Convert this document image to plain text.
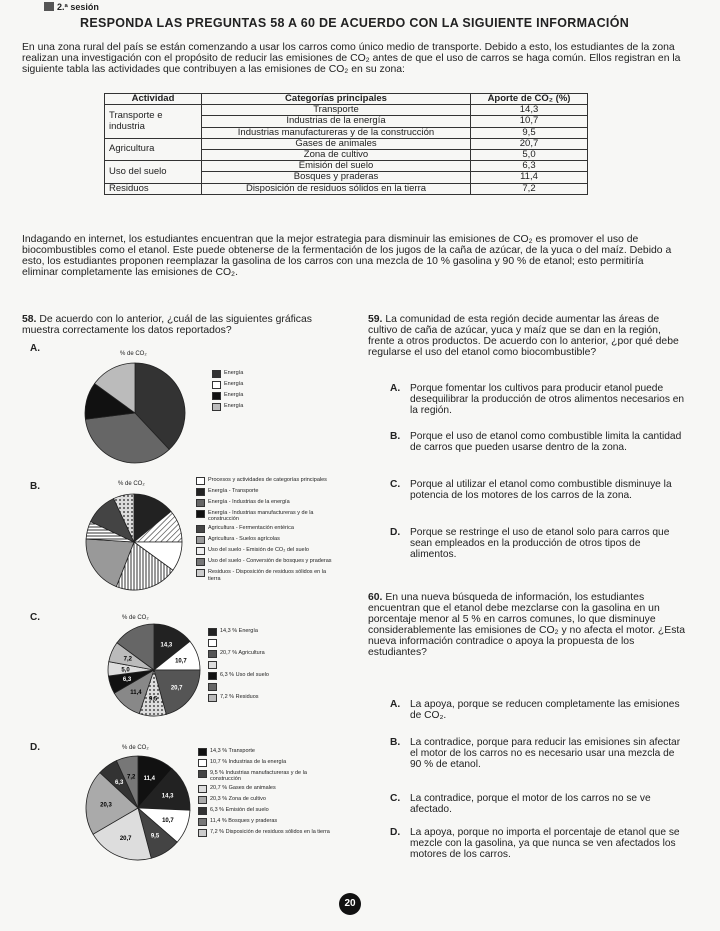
2.ª sesión
RESPONDA LAS PREGUNTAS 58 A 60 DE ACUERDO CON LA SIGUIENTE INFORMACIÓN
En una zona rural del país se están comenzando a usar los carros como único medio de transporte. Debido a esto, los estudiantes de la zona realizan una investigación con el propósito de reducir las emisiones de CO₂ antes de que el uso de carros se haga común. Ellos registran en la siguiente tabla las actividades que contribuyen a las emisiones de CO₂ en su zona:
Actividad	Categorías principales	Aporte de CO₂ (%)
Transporte e industria	Transporte	14,3
	Industrias de la energía	10,7
	Industrias manufactureras y de la construcción	9,5
Agricultura	Gases de animales	20,7
	Zona de cultivo	5,0
Uso del suelo	Emisión del suelo	6,3
	Bosques y praderas	11,4
Residuos	Disposición de residuos sólidos en la tierra	7,2
Indagando en internet, los estudiantes encuentran que la mejor estrategia para disminuir las emisiones de CO₂ es promover el uso de biocombustibles como el etanol. Este puede obtenerse de la fermentación de los jugos de la caña de azúcar, de la yuca o del maíz. Debido a esto, los estudiantes proponen reemplazar la gasolina de los carros con una mezcla de 10 % gasolina y 90 % de etanol; esto permitiría eliminar completamente las emisiones de CO₂.
58. De acuerdo con lo anterior, ¿cuál de las siguientes gráficas muestra correctamente los datos reportados?
A.	% de CO₂
Energía
Energía
Energía
Energía
B.	% de CO₂
Procesos y actividades de categorías principales
Energía - Transporte
Energía - Industrias de la energía
Energía - Industrias manufactureras y de la construcción
Agricultura - Fermentación entérica
Agricultura - Suelos agrícolas
Uso del suelo - Emisión de CO₂ del suelo
Uso del suelo - Conversión de bosques y praderas
Residuos - Disposición de residuos sólidos en la tierra
C.	% de CO₂
14,3
10,7
20,7
9,5
11,4
6,3
5,0
7,2
14,3 % Energía
20,7 % Agricultura
6,3 % Uso del suelo
7,2 % Residuos
D.	% de CO₂
11,4
14,3
10,7
9,5
20,7
20,3
6,3
7,2
14,3 % Transporte
10,7 % Industrias de la energía
9,5 % Industrias manufactureras y de la construcción
20,7 % Gases de animales
20,3 % Zona de cultivo
6,3 % Emisión del suelo
11,4 % Bosques y praderas
7,2 % Disposición de residuos sólidos en la tierra
59. La comunidad de esta región decide aumentar las áreas de cultivo de caña de azúcar, yuca y maíz que se dan en la región, frente a otros productos. De acuerdo con lo anterior, ¿por qué debe regularse el uso del etanol como biocombustible?
A. Porque fomentar los cultivos para producir etanol puede desequilibrar la producción de otros alimentos necesarios en la región.
B. Porque el uso de etanol como combustible limita la cantidad de carros que pueden usarse dentro de la zona.
C. Porque al utilizar el etanol como combustible disminuye la potencia de los motores de los carros de la zona.
D. Porque se restringe el uso de etanol solo para carros que sean empleados en la producción de otros tipos de alimentos.
60. En una nueva búsqueda de información, los estudiantes encuentran que el etanol debe mezclarse con la gasolina en un porcentaje menor al 5 % en carros comunes, lo que disminuye considerablemente las emisiones de CO₂ y no afecta el motor. ¿Esta nueva información contradice o apoya la propuesta de los estudiantes?
A. La apoya, porque se reducen completamente las emisiones de CO₂.
B. La contradice, porque para reducir las emisiones sin afectar el motor de los carros no es necesario usar una mezcla de 90 % de etanol.
C. La contradice, porque el motor de los carros no se ve afectado.
D. La apoya, porque no importa el porcentaje de etanol que se mezcle con la gasolina, ya que nunca se ven afectados los motores de los carros.
20
